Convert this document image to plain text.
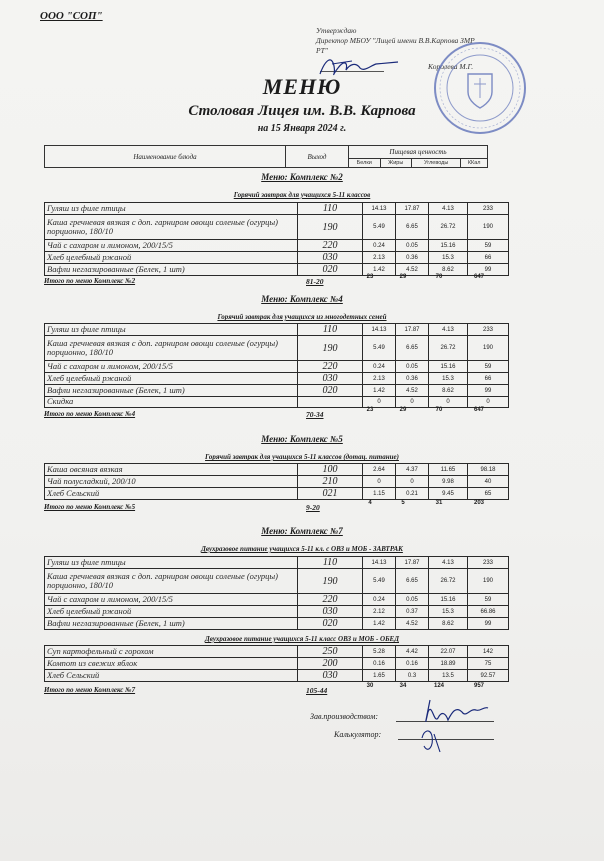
ООО "СОП"
Утверждаю
Директор МБОУ "Лицей имени В.В.Карпова ЗМР
РТ"
Королева М.Г.
МЕНЮ
Столовая Лицея им. В.В. Карпова
на 15 Января 2024 г.
Наименование блюда	Выход	Пищевая ценность			
		Белки	Жиры	Углеводы	ККал
Меню: Комплекс №2
Горячий завтрак для учащихся 5-11 классов
Гуляш из филе птицы	110	14.13	17.87	4.13	233
Каша гречневая вязкая с доп. гарниром овощи соленые (огурцы) порционно, 180/10	190	5.49	6.65	26.72	190
Чай с сахаром и лимоном, 200/15/5	220	0.24	0.05	15.16	59
Хлеб целебный ржаной	030	2.13	0.36	15.3	66
Вафли неглазированные (Белек, 1 шт)	020	1.42	4.52	8.62	99
Итого по меню Комплекс №2	81-20	23	29	70	647
Меню: Комплекс №4
Горячий завтрак для учащихся из многодетных семей
Гуляш из филе птицы	110	14.13	17.87	4.13	233
Каша гречневая вязкая с доп. гарниром овощи соленые (огурцы) порционно, 180/10	190	5.49	6.65	26.72	190
Чай с сахаром и лимоном, 200/15/5	220	0.24	0.05	15.16	59
Хлеб целебный ржаной	030	2.13	0.36	15.3	66
Вафли неглазированные (Белек, 1 шт)	020	1.42	4.52	8.62	99
Скидка		0	0	0	0
Итого по меню Комплекс №4	70-34	23	29	70	647
Меню: Комплекс №5
Горячий завтрак для учащихся 5-11 классов (дотац. питание)
Каша овсяная вязкая	100	2.64	4.37	11.65	98.18
Чай полусладкий, 200/10	210	0	0	9.98	40
Хлеб Сельский	021	1.15	0.21	9.45	65
Итого по меню Комплекс №5	9-20	4	5	31	203
Меню: Комплекс №7
Двухразовое питание учащихся 5-11 кл. с ОВЗ и МОБ - ЗАВТРАК
Гуляш из филе птицы	110	14.13	17.87	4.13	233
Каша гречневая вязкая с доп. гарниром овощи соленые (огурцы) порционно, 180/10	190	5.49	6.65	26.72	190
Чай с сахаром и лимоном, 200/15/5	220	0.24	0.05	15.16	59
Хлеб целебный ржаной	030	2.12	0.37	15.3	66.86
Вафли неглазированные (Белек, 1 шт)	020	1.42	4.52	8.62	99
Двухразовое питание учащихся 5-11 класс ОВЗ и МОБ - ОБЕД
Суп картофельный с горохом	250	5.28	4.42	22.07	142
Компот из свежих яблок	200	0.16	0.16	18.89	75
Хлеб Сельский	030	1.65	0.3	13.5	92.57
Итого по меню Комплекс №7	105-44	30	34	124	957
Зав.производством:
Калькулятор:
